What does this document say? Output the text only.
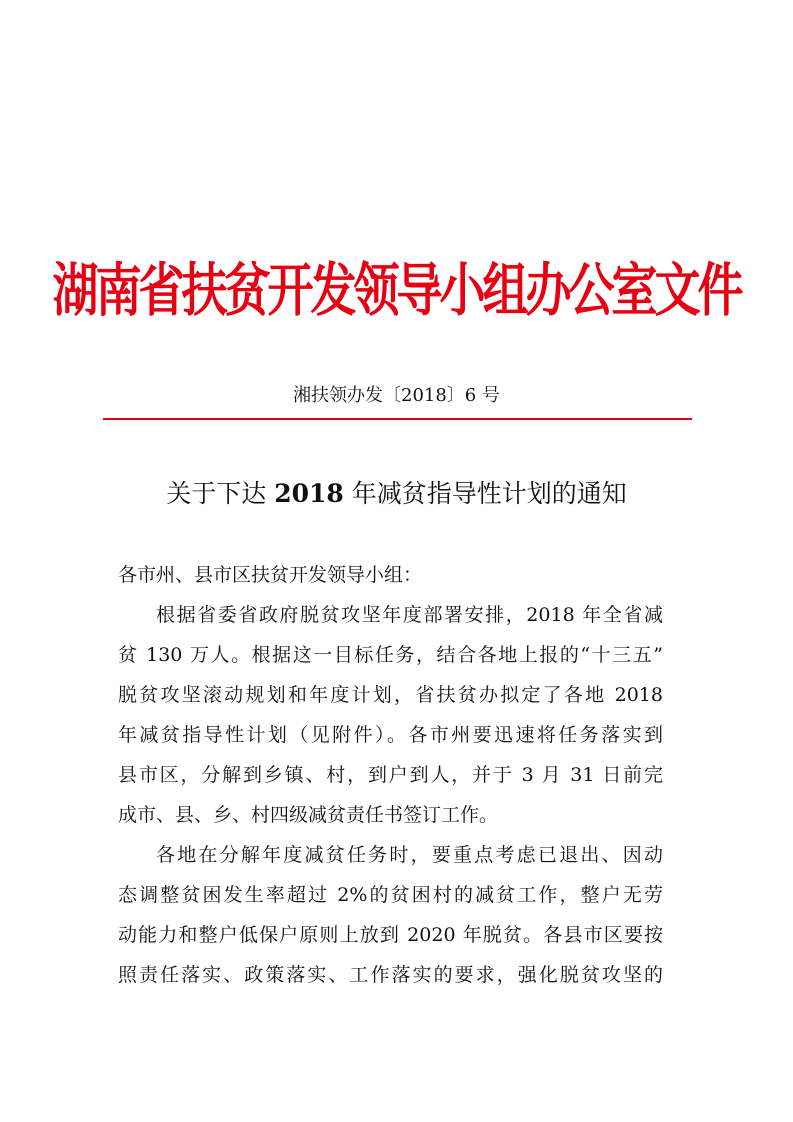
湖南省扶贫开发领导小组办公室文件
湘扶领办发〔2018〕6 号
关于下达 2018 年减贫指导性计划的通知
各市州、县市区扶贫开发领导小组：
根据省委省政府脱贫攻坚年度部署安排，2018 年全省减
贫 130 万人。根据这一目标任务，结合各地上报的“十三五”
脱贫攻坚滚动规划和年度计划，省扶贫办拟定了各地 2018
年减贫指导性计划（见附件）。各市州要迅速将任务落实到
县市区，分解到乡镇、村，到户到人，并于 3 月 31 日前完
成市、县、乡、村四级减贫责任书签订工作。
各地在分解年度减贫任务时，要重点考虑已退出、因动
态调整贫困发生率超过 2%的贫困村的减贫工作，整户无劳
动能力和整户低保户原则上放到 2020 年脱贫。各县市区要按
照责任落实、政策落实、工作落实的要求，强化脱贫攻坚的
